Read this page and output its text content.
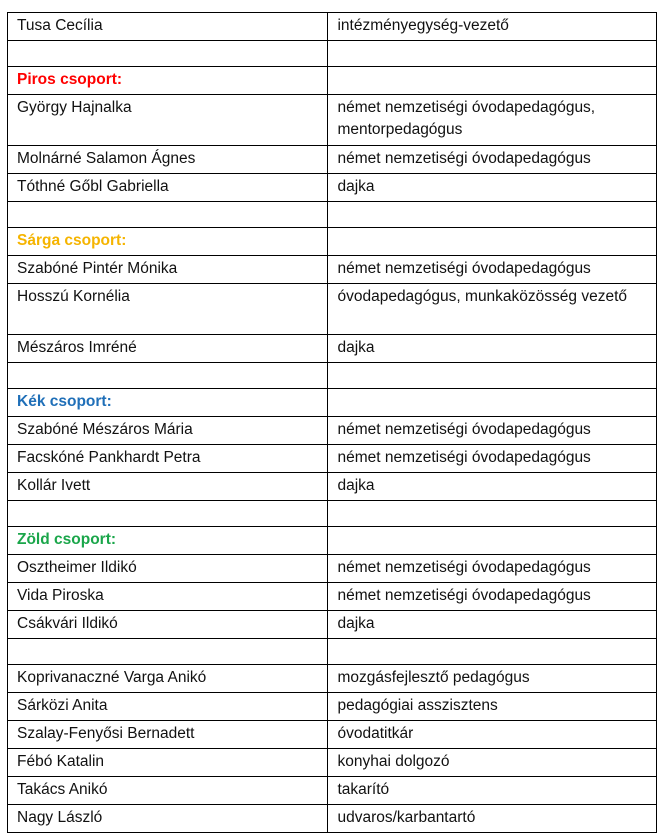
Tusa Cecília	intézményegység-vezető

Piros csoport:	
György Hajnalka	német nemzetiségi óvodapedagógus, mentorpedagógus
Molnárné Salamon Ágnes	német nemzetiségi óvodapedagógus
Tóthné Gőbl Gabriella	dajka

Sárga csoport:	
Szabóné Pintér Mónika	német nemzetiségi óvodapedagógus
Hosszú Kornélia	óvodapedagógus, munkaközösség vezető
Mészáros Imréné	dajka

Kék csoport:	
Szabóné Mészáros Mária	német nemzetiségi óvodapedagógus
Facskóné Pankhardt Petra	német nemzetiségi óvodapedagógus
Kollár Ivett	dajka

Zöld csoport:	
Osztheimer Ildikó	német nemzetiségi óvodapedagógus
Vida Piroska	német nemzetiségi óvodapedagógus
Csákvári Ildikó	dajka

Koprivanaczné Varga Anikó	mozgásfejlesztő pedagógus
Sárközi Anita	pedagógiai asszisztens
Szalay-Fenyősi Bernadett	óvodatitkár
Fébó Katalin	konyhai dolgozó
Takács Anikó	takarító
Nagy László	udvaros/karbantartó
